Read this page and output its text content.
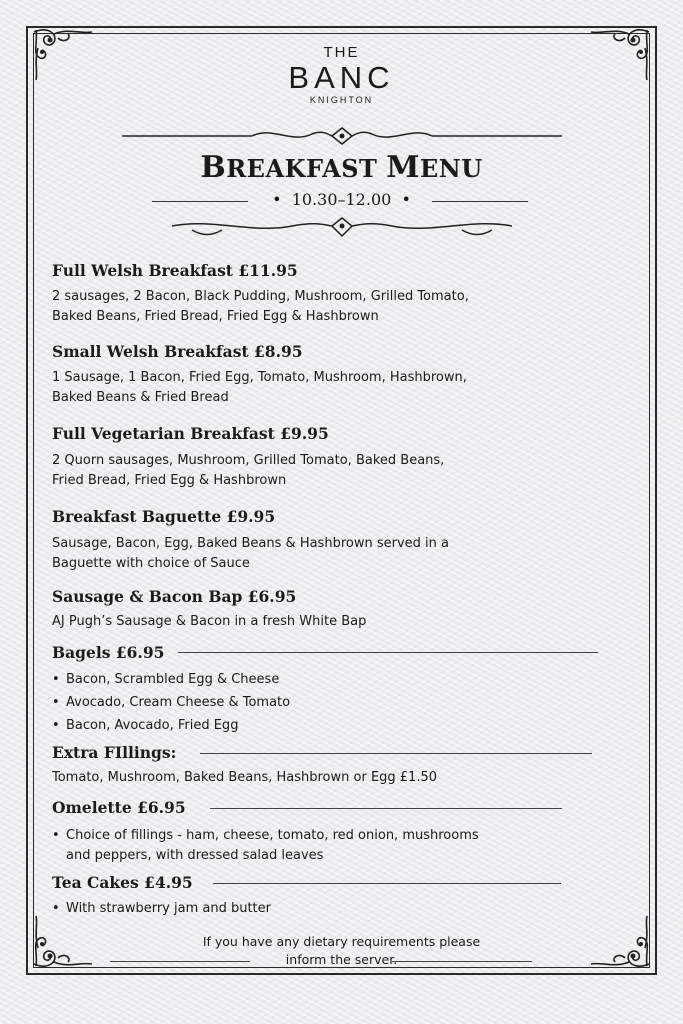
THE
BANC
KNIGHTON
BREAKFAST MENU
• 10.30–12.00 •
Full Welsh Breakfast £11.95
2 sausages, 2 Bacon, Black Pudding, Mushroom, Grilled Tomato,
Baked Beans, Fried Bread, Fried Egg & Hashbrown
Small Welsh Breakfast £8.95
1 Sausage, 1 Bacon, Fried Egg, Tomato, Mushroom, Hashbrown,
Baked Beans & Fried Bread
Full Vegetarian Breakfast £9.95
2 Quorn sausages, Mushroom, Grilled Tomato, Baked Beans,
Fried Bread, Fried Egg & Hashbrown
Breakfast Baguette £9.95
Sausage, Bacon, Egg, Baked Beans & Hashbrown served in a
Baguette with choice of Sauce
Sausage & Bacon Bap £6.95
AJ Pugh’s Sausage & Bacon in a fresh White Bap
Bagels £6.95
• Bacon, Scrambled Egg & Cheese
• Avocado, Cream Cheese & Tomato
• Bacon, Avocado, Fried Egg
Extra FIllings:
Tomato, Mushroom, Baked Beans, Hashbrown or Egg £1.50
Omelette £6.95
• Choice of fillings - ham, cheese, tomato, red onion, mushrooms
and peppers, with dressed salad leaves
Tea Cakes £4.95
• With strawberry jam and butter
If you have any dietary requirements please
inform the server.
